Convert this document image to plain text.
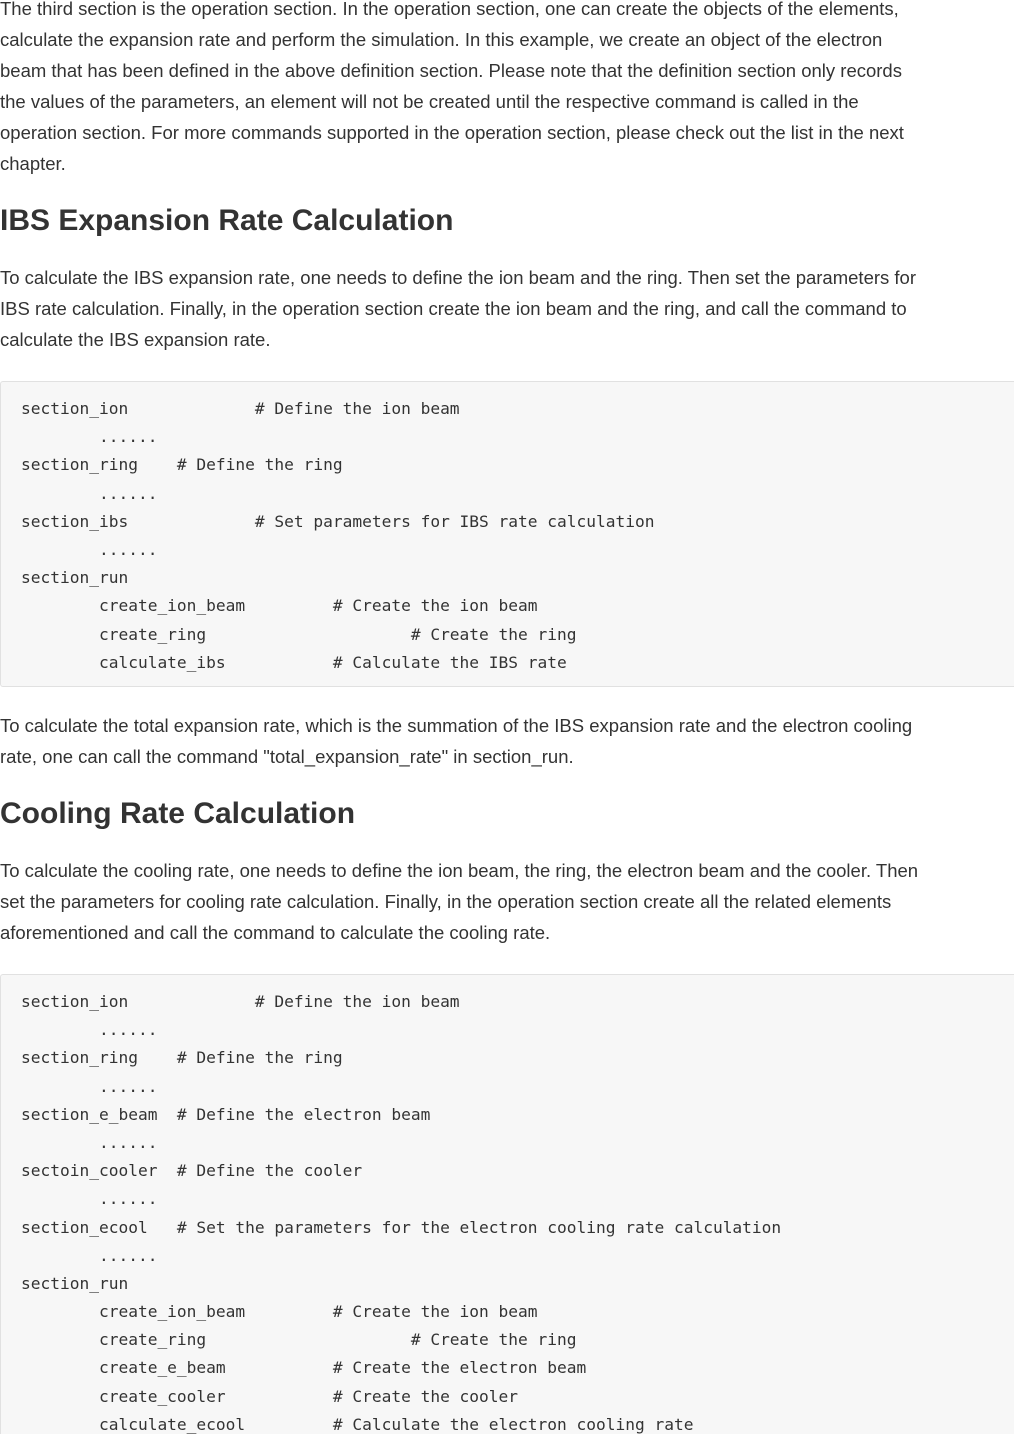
The third section is the operation section. In the operation section, one can create the objects of the elements,
calculate the expansion rate and perform the simulation. In this example, we create an object of the electron
beam that has been defined in the above definition section. Please note that the definition section only records
the values of the parameters, an element will not be created until the respective command is called in the
operation section. For more commands supported in the operation section, please check out the list in the next
chapter.

IBS Expansion Rate Calculation

To calculate the IBS expansion rate, one needs to define the ion beam and the ring. Then set the parameters for
IBS rate calculation. Finally, in the operation section create the ion beam and the ring, and call the command to
calculate the IBS expansion rate.

section_ion             # Define the ion beam
......
section_ring    # Define the ring
......
section_ibs             # Set parameters for IBS rate calculation
......
section_run
create_ion_beam         # Create the ion beam
create_ring                     # Create the ring
calculate_ibs           # Calculate the IBS rate

To calculate the total expansion rate, which is the summation of the IBS expansion rate and the electron cooling
rate, one can call the command "total_expansion_rate" in section_run.

Cooling Rate Calculation

To calculate the cooling rate, one needs to define the ion beam, the ring, the electron beam and the cooler. Then
set the parameters for cooling rate calculation. Finally, in the operation section create all the related elements
aforementioned and call the command to calculate the cooling rate.

section_ion             # Define the ion beam
......
section_ring    # Define the ring
......
section_e_beam  # Define the electron beam
......
sectoin_cooler  # Define the cooler
......
section_ecool   # Set the parameters for the electron cooling rate calculation
......
section_run
create_ion_beam         # Create the ion beam
create_ring                     # Create the ring
create_e_beam           # Create the electron beam
create_cooler           # Create the cooler
calculate_ecool         # Calculate the electron cooling rate
